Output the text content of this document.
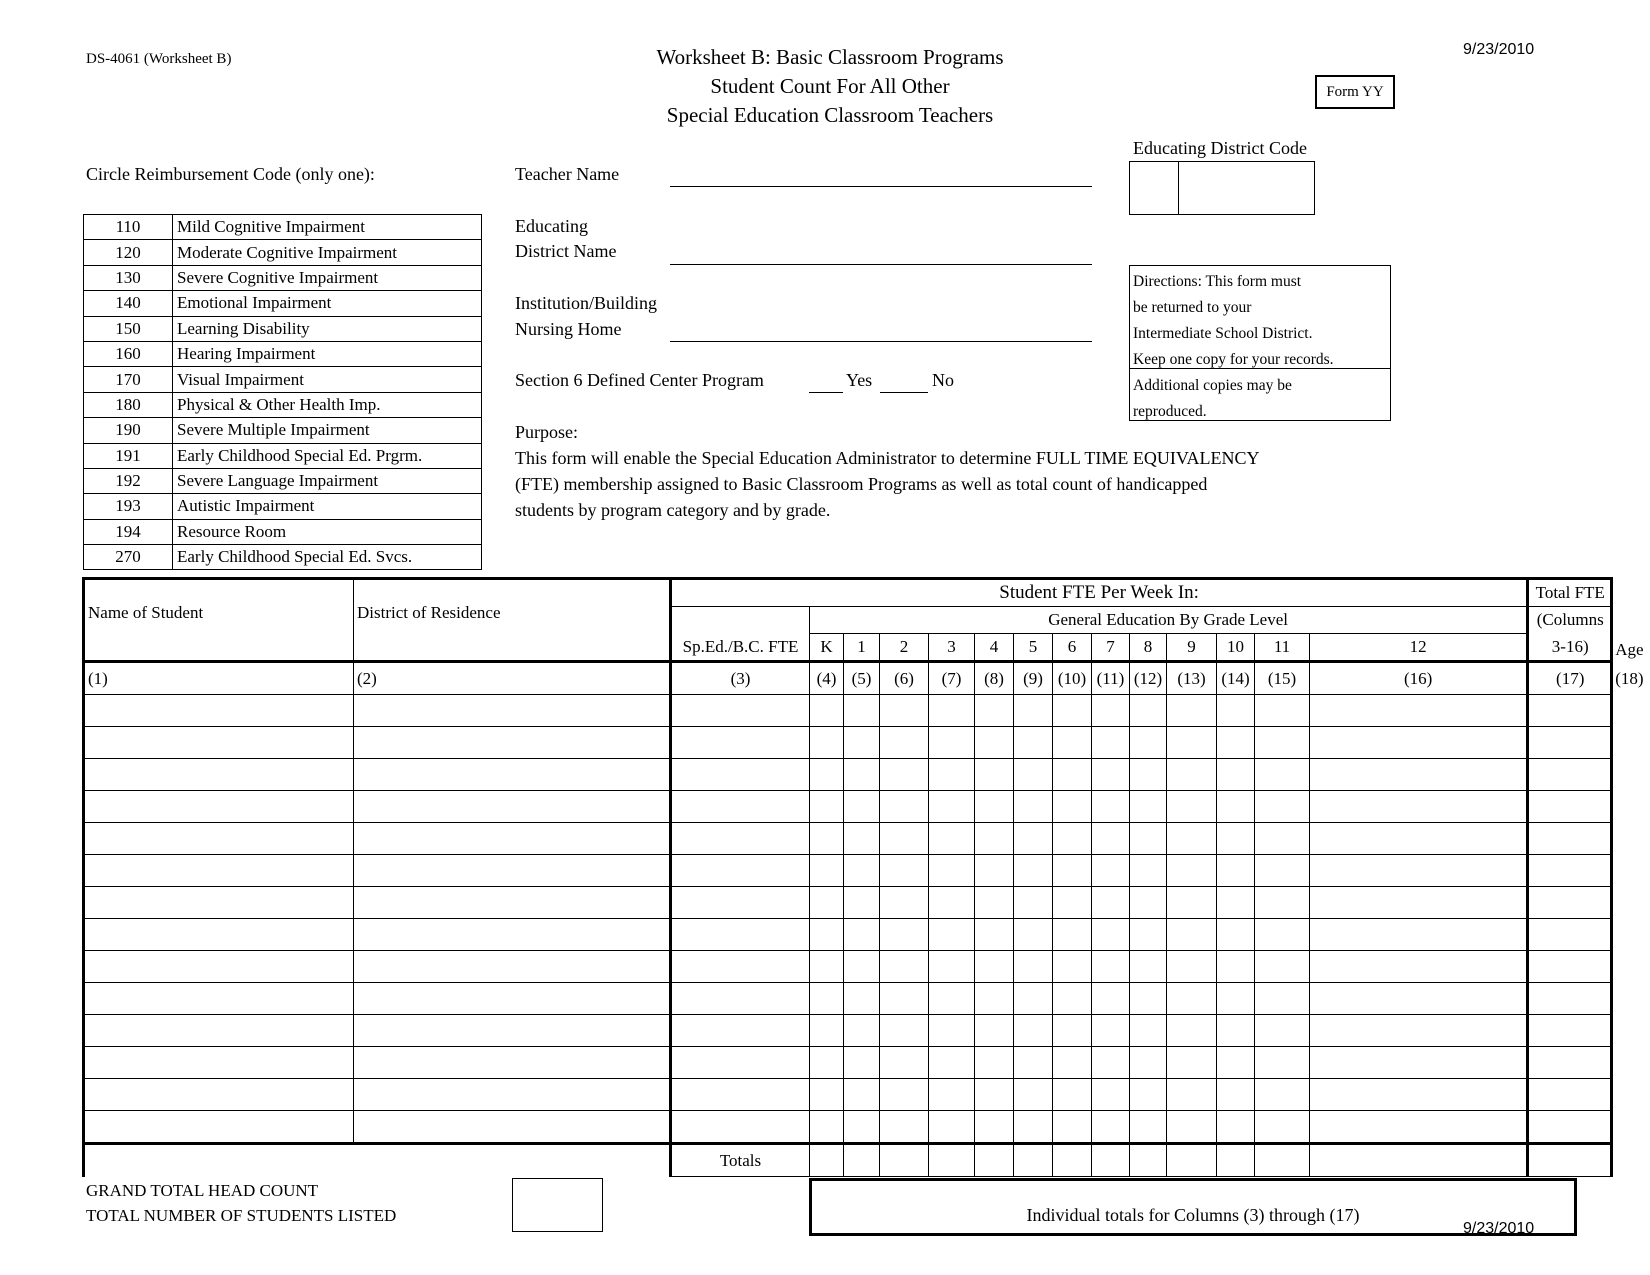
DS-4061 (Worksheet B)	Worksheet B: Basic Classroom Programs
Student Count For All Other
Special Education Classroom Teachers
9/23/2010
Form YY
Circle Reimbursement Code (only one):
110	Mild Cognitive Impairment
120	Moderate Cognitive Impairment
130	Severe Cognitive Impairment
140	Emotional Impairment
150	Learning Disability
160	Hearing Impairment
170	Visual Impairment
180	Physical & Other Health Imp.
190	Severe Multiple Impairment
191	Early Childhood Special Ed. Prgrm.
192	Severe Language Impairment
193	Autistic Impairment
194	Resource Room
270	Early Childhood Special Ed. Svcs.
Teacher Name
Educating
District Name
Institution/Building
Nursing Home
Section 6 Defined Center Program	Yes	No
Educating District Code
Directions: This form must
be returned to your
Intermediate School District.
Keep one copy for your records.
Additional copies may be
reproduced.
Purpose:
This form will enable the Special Education Administrator to determine FULL TIME EQUIVALENCY
(FTE) membership assigned to Basic Classroom Programs as well as total count of handicapped
students by program category and by grade.
Name of Student	District of Residence	Student FTE Per Week In:														Total FTE	Age
			General Education By Grade Level													(Columns	
		Sp.Ed./B.C. FTE	K	1	2	3	4	5	6	7	8	9	10	11	12	3-16)	
(1)	(2)	(3)	(4)	(5)	(6)	(7)	(8)	(9)	(10)	(11)	(12)	(13)	(14)	(15)	(16)	(17)	(18)

		Totals															
GRAND TOTAL HEAD COUNT
TOTAL NUMBER OF STUDENTS LISTED	Individual totals for Columns (3) through (17)
9/23/2010
